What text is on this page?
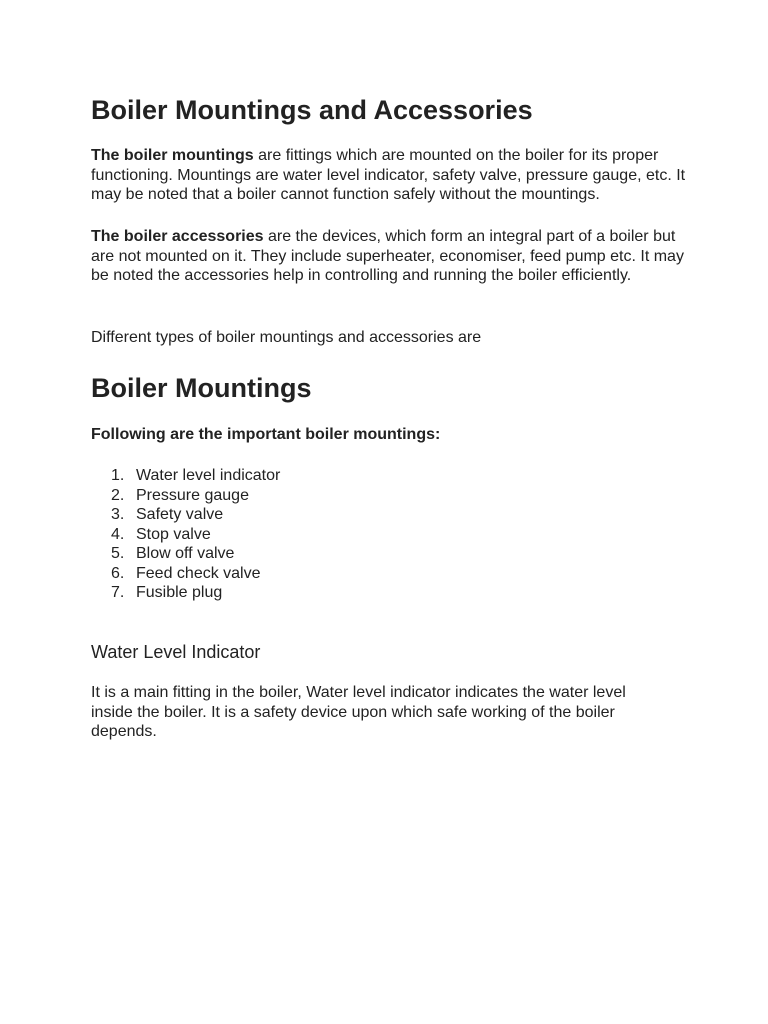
Boiler Mountings and Accessories

The boiler mountings are fittings which are mounted on the boiler for its proper functioning. Mountings are water level indicator, safety valve, pressure gauge, etc. It may be noted that a boiler cannot function safely without the mountings.

The boiler accessories are the devices, which form an integral part of a boiler but are not mounted on it. They include superheater, economiser, feed pump etc. It may be noted the accessories help in controlling and running the boiler efficiently.

Different types of boiler mountings and accessories are

Boiler Mountings

Following are the important boiler mountings:

1. Water level indicator
2. Pressure gauge
3. Safety valve
4. Stop valve
5. Blow off valve
6. Feed check valve
7. Fusible plug
Water Level Indicator

It is a main fitting in the boiler, Water level indicator indicates the water level inside the boiler. It is a safety device upon which safe working of the boiler depends.
